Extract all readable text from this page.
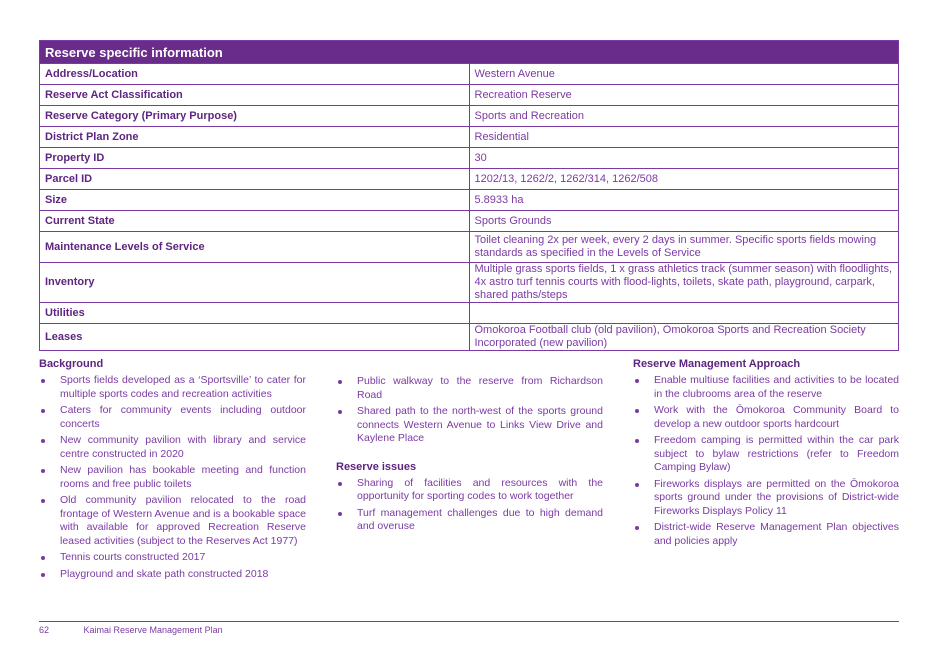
Reserve specific information	
Address/Location	Western Avenue
Reserve Act Classification	Recreation Reserve
Reserve Category (Primary Purpose)	Sports and Recreation
District Plan Zone	Residential
Property ID	30
Parcel ID	1202/13, 1262/2, 1262/314, 1262/508
Size	5.8933 ha
Current State	Sports Grounds
Maintenance Levels of Service	Toilet cleaning 2x per week, every 2 days in summer. Specific sports fields mowing standards as specified in the Levels of Service
Inventory	Multiple grass sports fields, 1 x grass athletics track (summer season) with floodlights, 4x astro turf tennis courts with flood-lights, toilets, skate path, playground, carpark, shared paths/steps
Utilities	
Leases	Ōmokoroa Football club (old pavilion), Ōmokoroa Sports and Recreation Society Incorporated (new pavilion)
Background
Sports fields developed as a ‘Sportsville’ to cater for multiple sports codes and recreation activities
Caters for community events including outdoor concerts
New community pavilion with library and service centre constructed in 2020
New pavilion has bookable meeting and function rooms and free public toilets
Old community pavilion relocated to the road frontage of Western Avenue and is a bookable space with available for approved Recreation Reserve leased activities (subject to the Reserves Act 1977)
Tennis courts constructed 2017
Playground and skate path constructed 2018
Public walkway to the reserve from Richardson Road
Shared path to the north-west of the sports ground connects Western Avenue to Links View Drive and Kaylene Place
Reserve issues
Sharing of facilities and resources with the opportunity for sporting codes to work together
Turf management challenges due to high demand and overuse
Reserve Management Approach
Enable multiuse facilities and activities to be located in the clubrooms area of the reserve
Work with the Ōmokoroa Community Board to develop a new outdoor sports hardcourt
Freedom camping is permitted within the car park subject to bylaw restrictions (refer to Freedom Camping Bylaw)
Fireworks displays are permitted on the Ōmokoroa sports ground under the provisions of District-wide Fireworks Displays Policy 11
District-wide Reserve Management Plan objectives and policies apply
62	Kaimai Reserve Management Plan
